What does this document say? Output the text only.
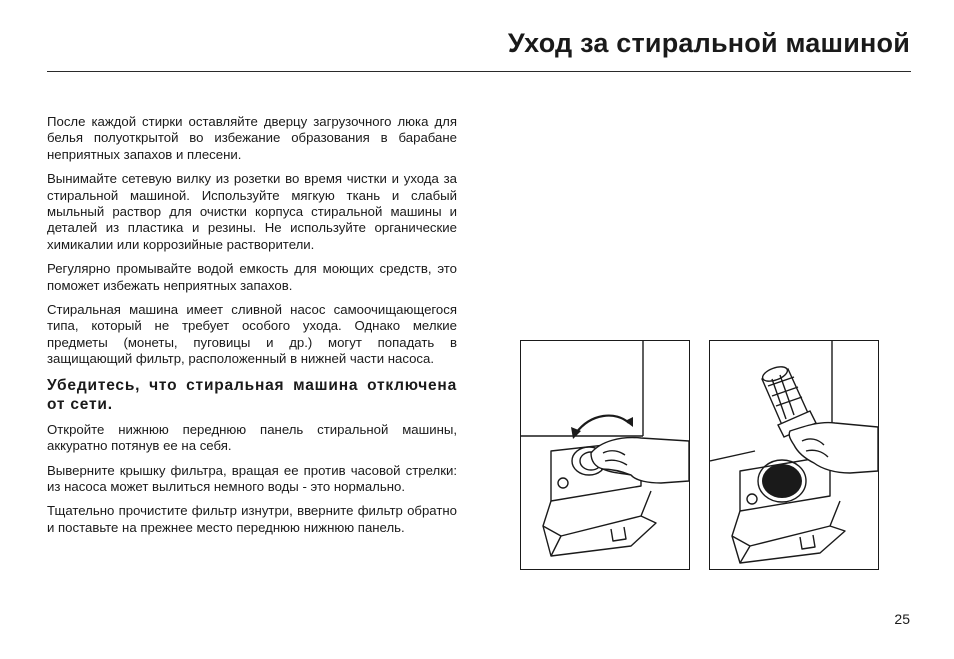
Уход за стиральной машиной

После каждой стирки оставляйте дверцу загрузочного люка для белья полуоткрытой во избежание образования в барабане неприятных запахов и плесени.

Вынимайте сетевую вилку из розетки во время чистки и ухода за стиральной машиной. Используйте мягкую ткань и слабый мыльный раствор для очистки корпуса стиральной машины и деталей из пластика и резины. Не используйте органические химикалии или коррозийные растворители.

Регулярно промывайте водой емкость для моющих средств, это поможет избежать неприятных запахов.

Стиральная машина имеет сливной насос самоочищающегося типа, который не требует особого ухода. Однако мелкие предметы (монеты, пуговицы и др.) могут попадать в защищающий фильтр, расположенный в нижней части насоса.

Убедитесь, что стиральная машина отключена от сети.

Откройте нижнюю переднюю панель стиральной машины, аккуратно потянув ее на себя.

Выверните крышку фильтра, вращая ее против часовой стрелки: из насоса может вылиться немного воды - это нормально.

Тщательно прочистите фильтр изнутри, вверните фильтр обратно и поставьте на прежнее место переднюю нижнюю панель.

25
